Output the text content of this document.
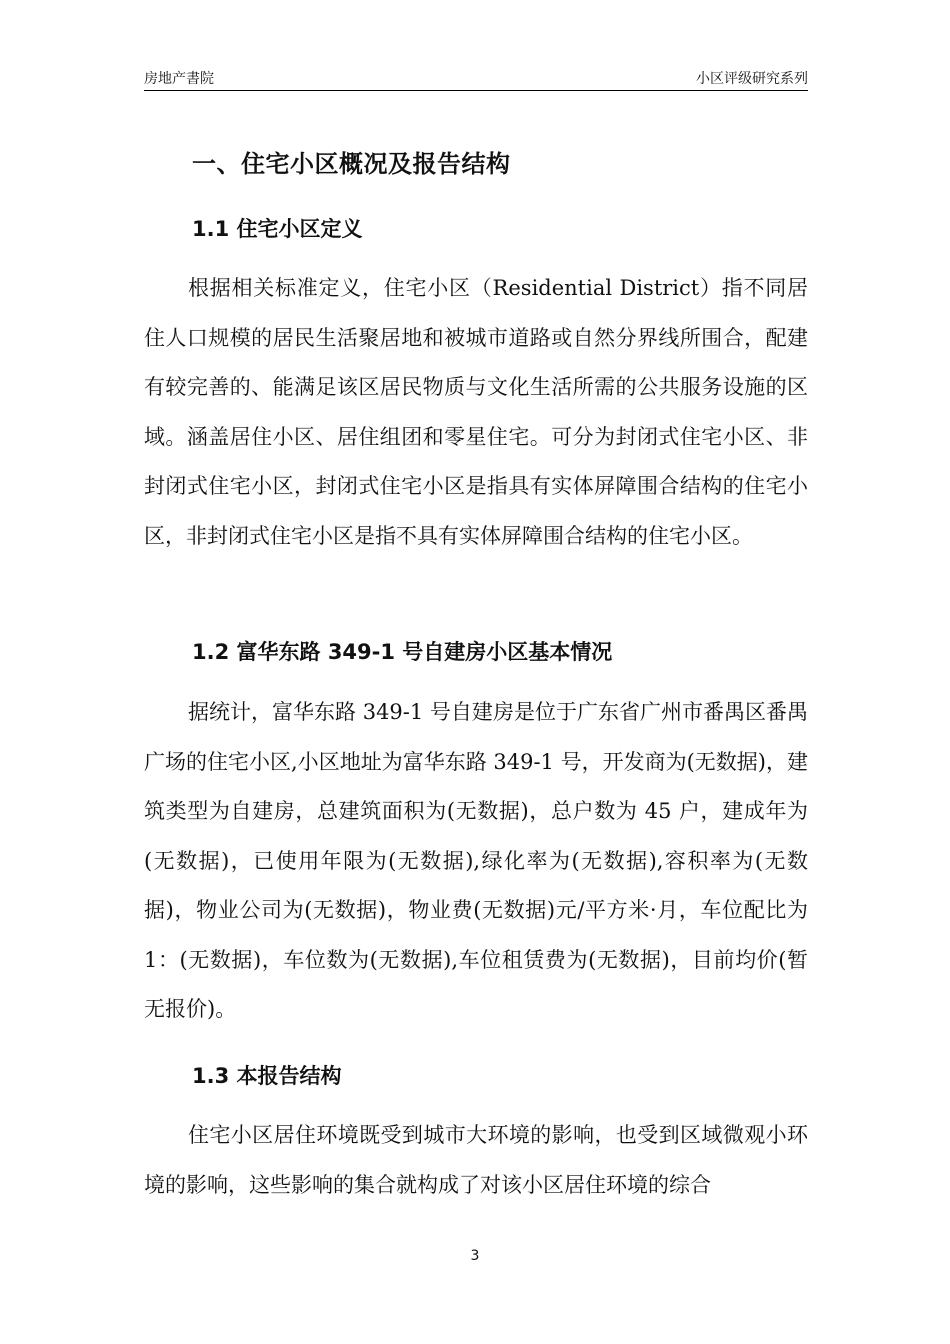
房地产書院	小区评级研究系列
一、住宅小区概况及报告结构
1.1 住宅小区定义

根据相关标准定义，住宅小区（Residential District）指不同居住人口规模的居民生活聚居地和被城市道路或自然分界线所围合，配建有较完善的、能满足该区居民物质与文化生活所需的公共服务设施的区域。涵盖居住小区、居住组团和零星住宅。可分为封闭式住宅小区、非封闭式住宅小区，封闭式住宅小区是指具有实体屏障围合结构的住宅小区，非封闭式住宅小区是指不具有实体屏障围合结构的住宅小区。

1.2 富华东路 349-1 号自建房小区基本情况

据统计，富华东路 349-1 号自建房是位于广东省广州市番禺区番禺广场的住宅小区,小区地址为富华东路 349-1 号，开发商为(无数据)，建筑类型为自建房，总建筑面积为(无数据)，总户数为 45 户，建成年为(无数据)，已使用年限为(无数据),绿化率为(无数据),容积率为(无数据)，物业公司为(无数据)，物业费(无数据)元/平方米·月，车位配比为 1：(无数据)，车位数为(无数据),车位租赁费为(无数据)，目前均价(暂无报价)。

1.3 本报告结构

住宅小区居住环境既受到城市大环境的影响，也受到区域微观小环境的影响，这些影响的集合就构成了对该小区居住环境的综合

3
